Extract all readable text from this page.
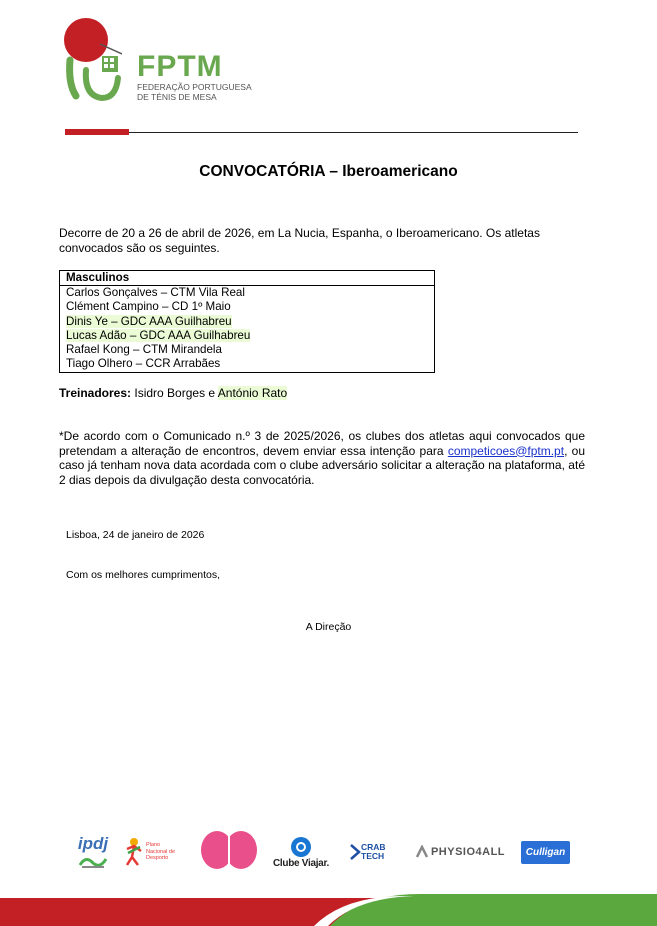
FPTM
FEDERAÇÃO PORTUGUESA
DE TÉNIS DE MESA
CONVOCATÓRIA – Iberoamericano
Decorre de 20 a 26 de abril de 2026, em La Nucia, Espanha, o Iberoamericano. Os atletas convocados são os seguintes.
Masculinos
Carlos Gonçalves – CTM Vila Real
Clément Campino – CD 1º Maio
Dinis Ye – GDC AAA Guilhabreu
Lucas Adão – GDC AAA Guilhabreu
Rafael Kong – CTM Mirandela
Tiago Olhero – CCR Arrabães
Treinadores: Isidro Borges e António Rato
*De acordo com o Comunicado n.º 3 de 2025/2026, os clubes dos atletas aqui convocados que pretendam a alteração de encontros, devem enviar essa intenção para competicoes@fptm.pt, ou caso já tenham nova data acordada com o clube adversário solicitar a alteração na plataforma, até 2 dias depois da divulgação desta convocatória.
Lisboa, 24 de janeiro de 2026
Com os melhores cumprimentos,
A Direção
ipdj	Plano Nacional de Desporto	Clube Viajar.
CRAB TECH	PHYSIO4ALL	Culligan
